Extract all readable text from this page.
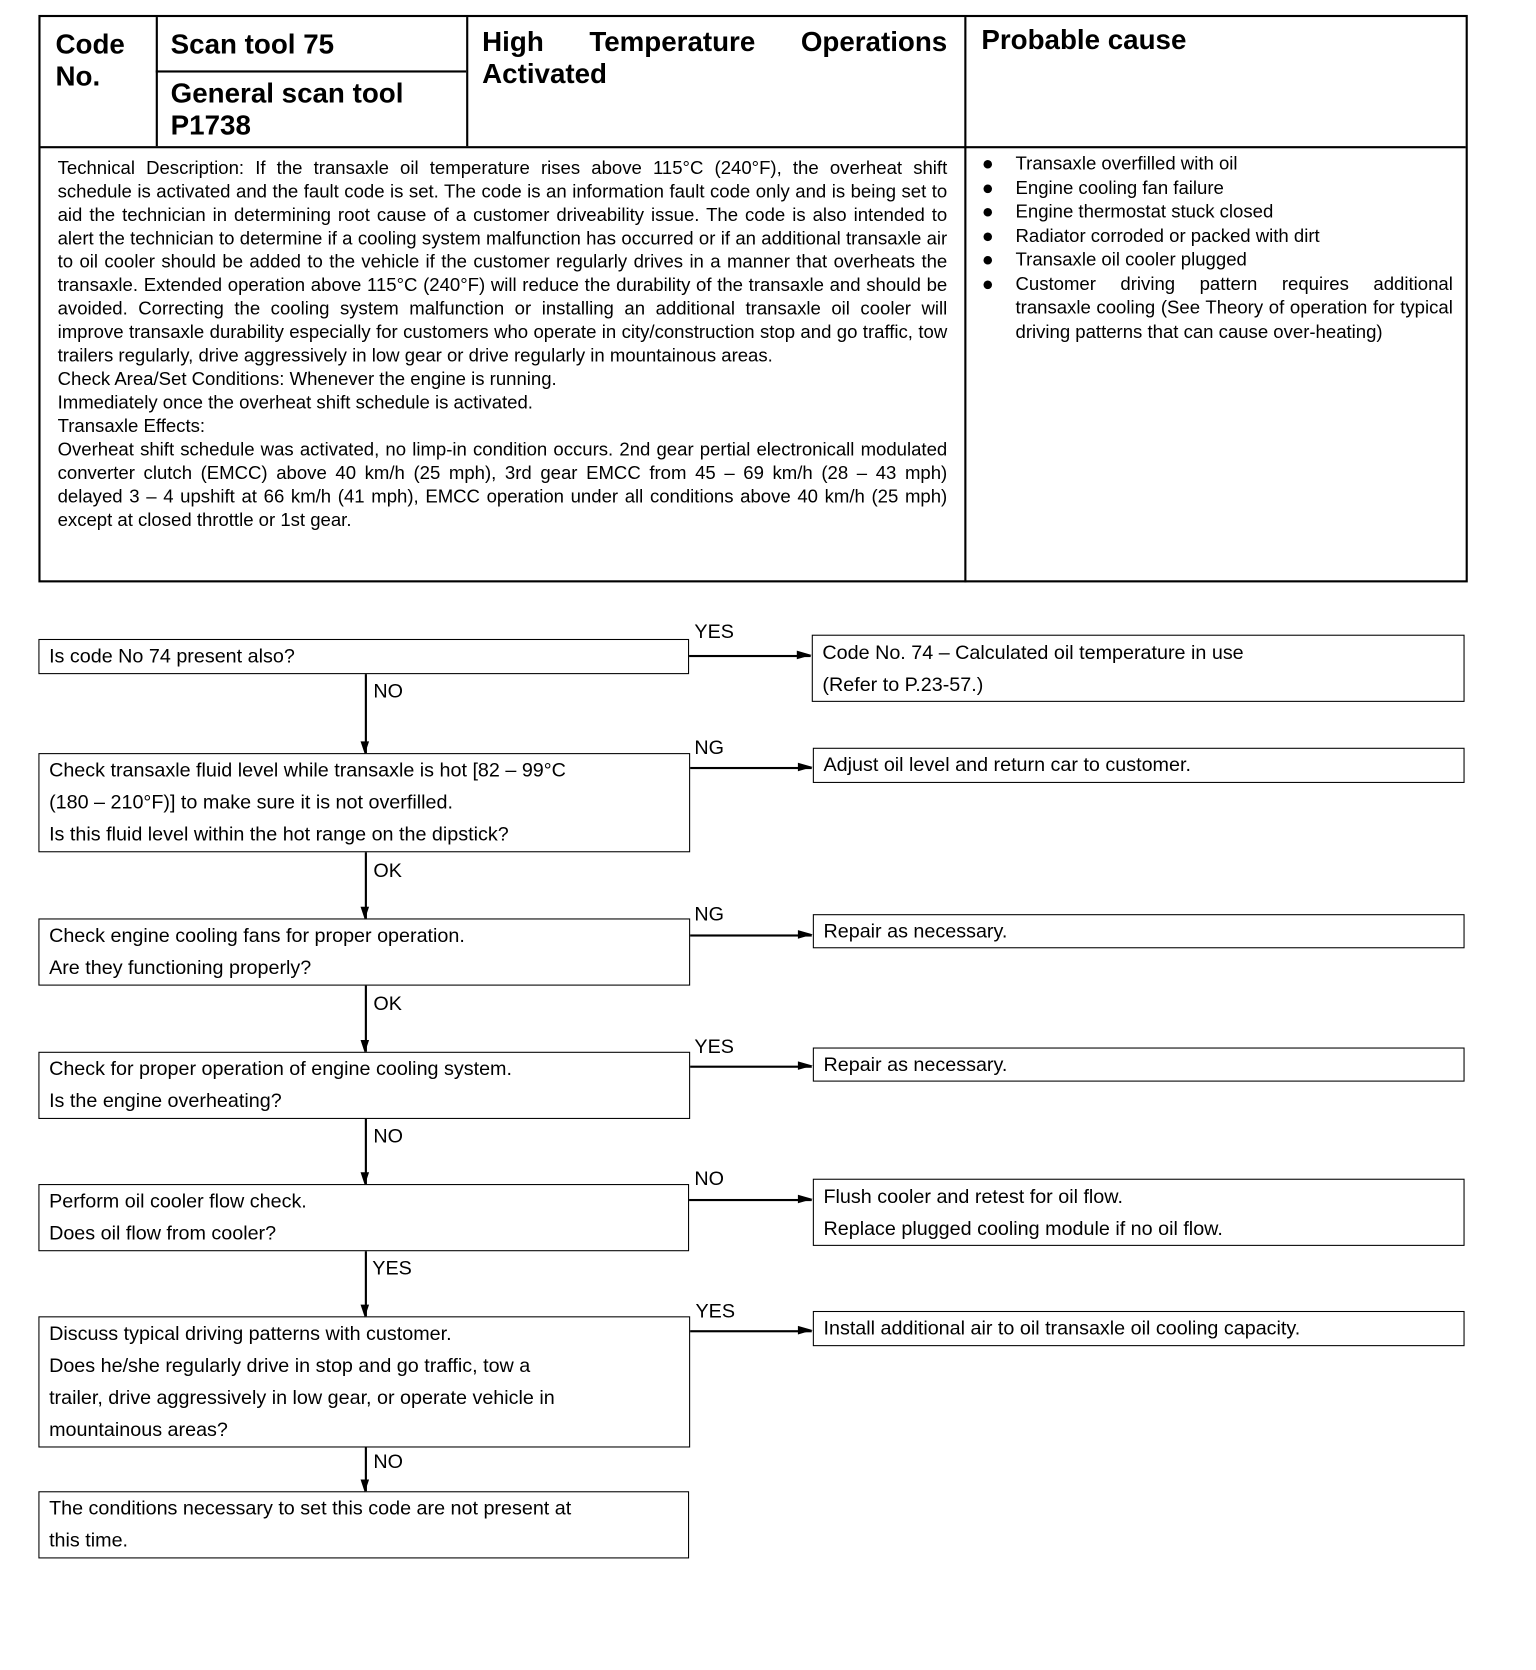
Code No.
Scan tool 75
General scan tool P1738
High Temperature Operations Activated
Probable cause

Technical Description: If the transaxle oil temperature rises above 115°C (240°F), the overheat shift schedule is activated and the fault code is set. The code is an information fault code only and is being set to aid the technician in determining root cause of a customer driveability issue. The code is also intended to alert the technician to determine if a cooling system malfunction has occurred or if an additional transaxle air to oil cooler should be added to the vehicle if the customer regularly drives in a manner that overheats the transaxle. Extended operation above 115°C (240°F) will reduce the durability of the transaxle and should be avoided. Correcting the cooling system malfunction or installing an additional transaxle oil cooler will improve transaxle durability especially for customers who operate in city/construction stop and go traffic, tow trailers regularly, drive aggressively in low gear or drive regularly in mountainous areas.

Check Area/Set Conditions: Whenever the engine is running.

Immediately once the overheat shift schedule is activated.

Transaxle Effects:

Overheat shift schedule was activated, no limp-in condition occurs. 2nd gear pertial electronicall modulated converter clutch (EMCC) above 40 km/h (25 mph), 3rd gear EMCC from 45 – 69 km/h (28 – 43 mph) delayed 3 – 4 upshift at 66 km/h (41 mph), EMCC operation under all conditions above 40 km/h (25 mph) except at closed throttle or 1st gear.

Transaxle overfilled with oil
Engine cooling fan failure
Engine thermostat stuck closed
Radiator corroded or packed with dirt
Transaxle oil cooler plugged
Customer driving pattern requires additional transaxle cooling (See Theory of operation for typical driving patterns that can cause over-heating)
Is code No 74 present also?
YES
Code No. 74 – Calculated oil temperature in use
(Refer to P.23-57.)
NO
Check transaxle fluid level while transaxle is hot [82 – 99°C
(180 – 210°F)] to make sure it is not overfilled.
Is this fluid level within the hot range on the dipstick?
NG
Adjust oil level and return car to customer.
OK
Check engine cooling fans for proper operation.
Are they functioning properly?
NG
Repair as necessary.
OK
Check for proper operation of engine cooling system.
Is the engine overheating?
YES
Repair as necessary.
NO
Perform oil cooler flow check.
Does oil flow from cooler?
NO
Flush cooler and retest for oil flow.
Replace plugged cooling module if no oil flow.
YES
Discuss typical driving patterns with customer.
Does he/she regularly drive in stop and go traffic, tow a
trailer, drive aggressively in low gear, or operate vehicle in
mountainous areas?
YES
Install additional air to oil transaxle oil cooling capacity.
NO
The conditions necessary to set this code are not present at
this time.
